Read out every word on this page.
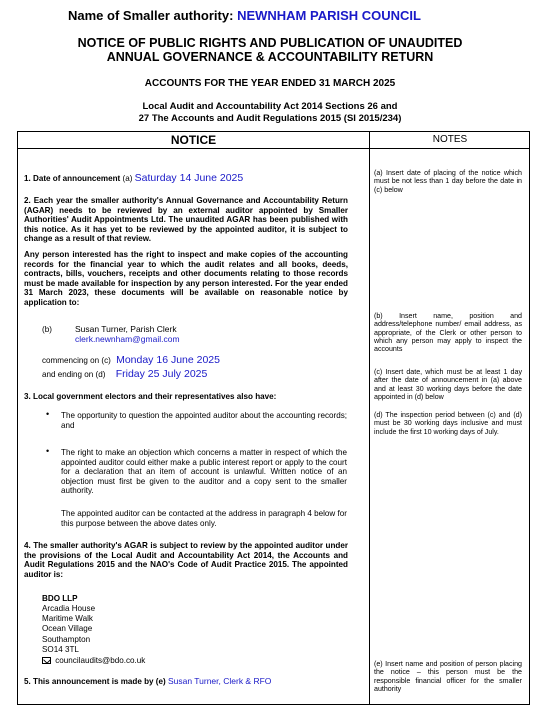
Name of Smaller authority: NEWNHAM PARISH COUNCIL
NOTICE OF PUBLIC RIGHTS AND PUBLICATION OF UNAUDITED
ANNUAL GOVERNANCE & ACCOUNTABILITY RETURN
ACCOUNTS FOR THE YEAR ENDED 31 MARCH 2025
Local Audit and Accountability Act 2014 Sections 26 and
27 The Accounts and Audit Regulations 2015 (SI 2015/234)
NOTICE	NOTES
1. Date of announcement (a) Saturday 14 June 2025
2. Each year the smaller authority's Annual Governance and Accountability Return (AGAR) needs to be reviewed by an external auditor appointed by Smaller Authorities' Audit Appointments Ltd. The unaudited AGAR has been published with this notice. As it has yet to be reviewed by the appointed auditor, it is subject to change as a result of that review.
Any person interested has the right to inspect and make copies of the accounting records for the financial year to which the audit relates and all books, deeds, contracts, bills, vouchers, receipts and other documents relating to those records must be made available for inspection by any person interested. For the year ended 31 March 2023, these documents will be available on reasonable notice by application to:
(b)	Susan Turner, Parish Clerk
clerk.newnham@gmail.com
commencing on (c) Monday 16 June 2025
and ending on (d) Friday 25 July 2025
3. Local government electors and their representatives also have:
• The opportunity to question the appointed auditor about the accounting records; and
• The right to make an objection which concerns a matter in respect of which the appointed auditor could either make a public interest report or apply to the court for a declaration that an item of account is unlawful. Written notice of an objection must first be given to the auditor and a copy sent to the smaller authority.
The appointed auditor can be contacted at the address in paragraph 4 below for this purpose between the above dates only.
4. The smaller authority's AGAR is subject to review by the appointed auditor under the provisions of the Local Audit and Accountability Act 2014, the Accounts and Audit Regulations 2015 and the NAO's Code of Audit Practice 2015. The appointed auditor is:
BDO LLP
Arcadia House
Maritime Walk
Ocean Village
Southampton
SO14 3TL
councilaudits@bdo.co.uk
5. This announcement is made by (e) Susan Turner, Clerk & RFO
(a) Insert date of placing of the notice which must be not less than 1 day before the date in (c) below
(b) Insert name, position and address/telephone number/ email address, as appropriate, of the Clerk or other person to which any person may apply to inspect the accounts
(c) Insert date, which must be at least 1 day after the date of announcement in (a) above and at least 30 working days before the date appointed in (d) below
(d) The inspection period between (c) and (d) must be 30 working days inclusive and must include the first 10 working days of July.
(e) Insert name and position of person placing the notice – this person must be the responsible financial officer for the smaller authority
